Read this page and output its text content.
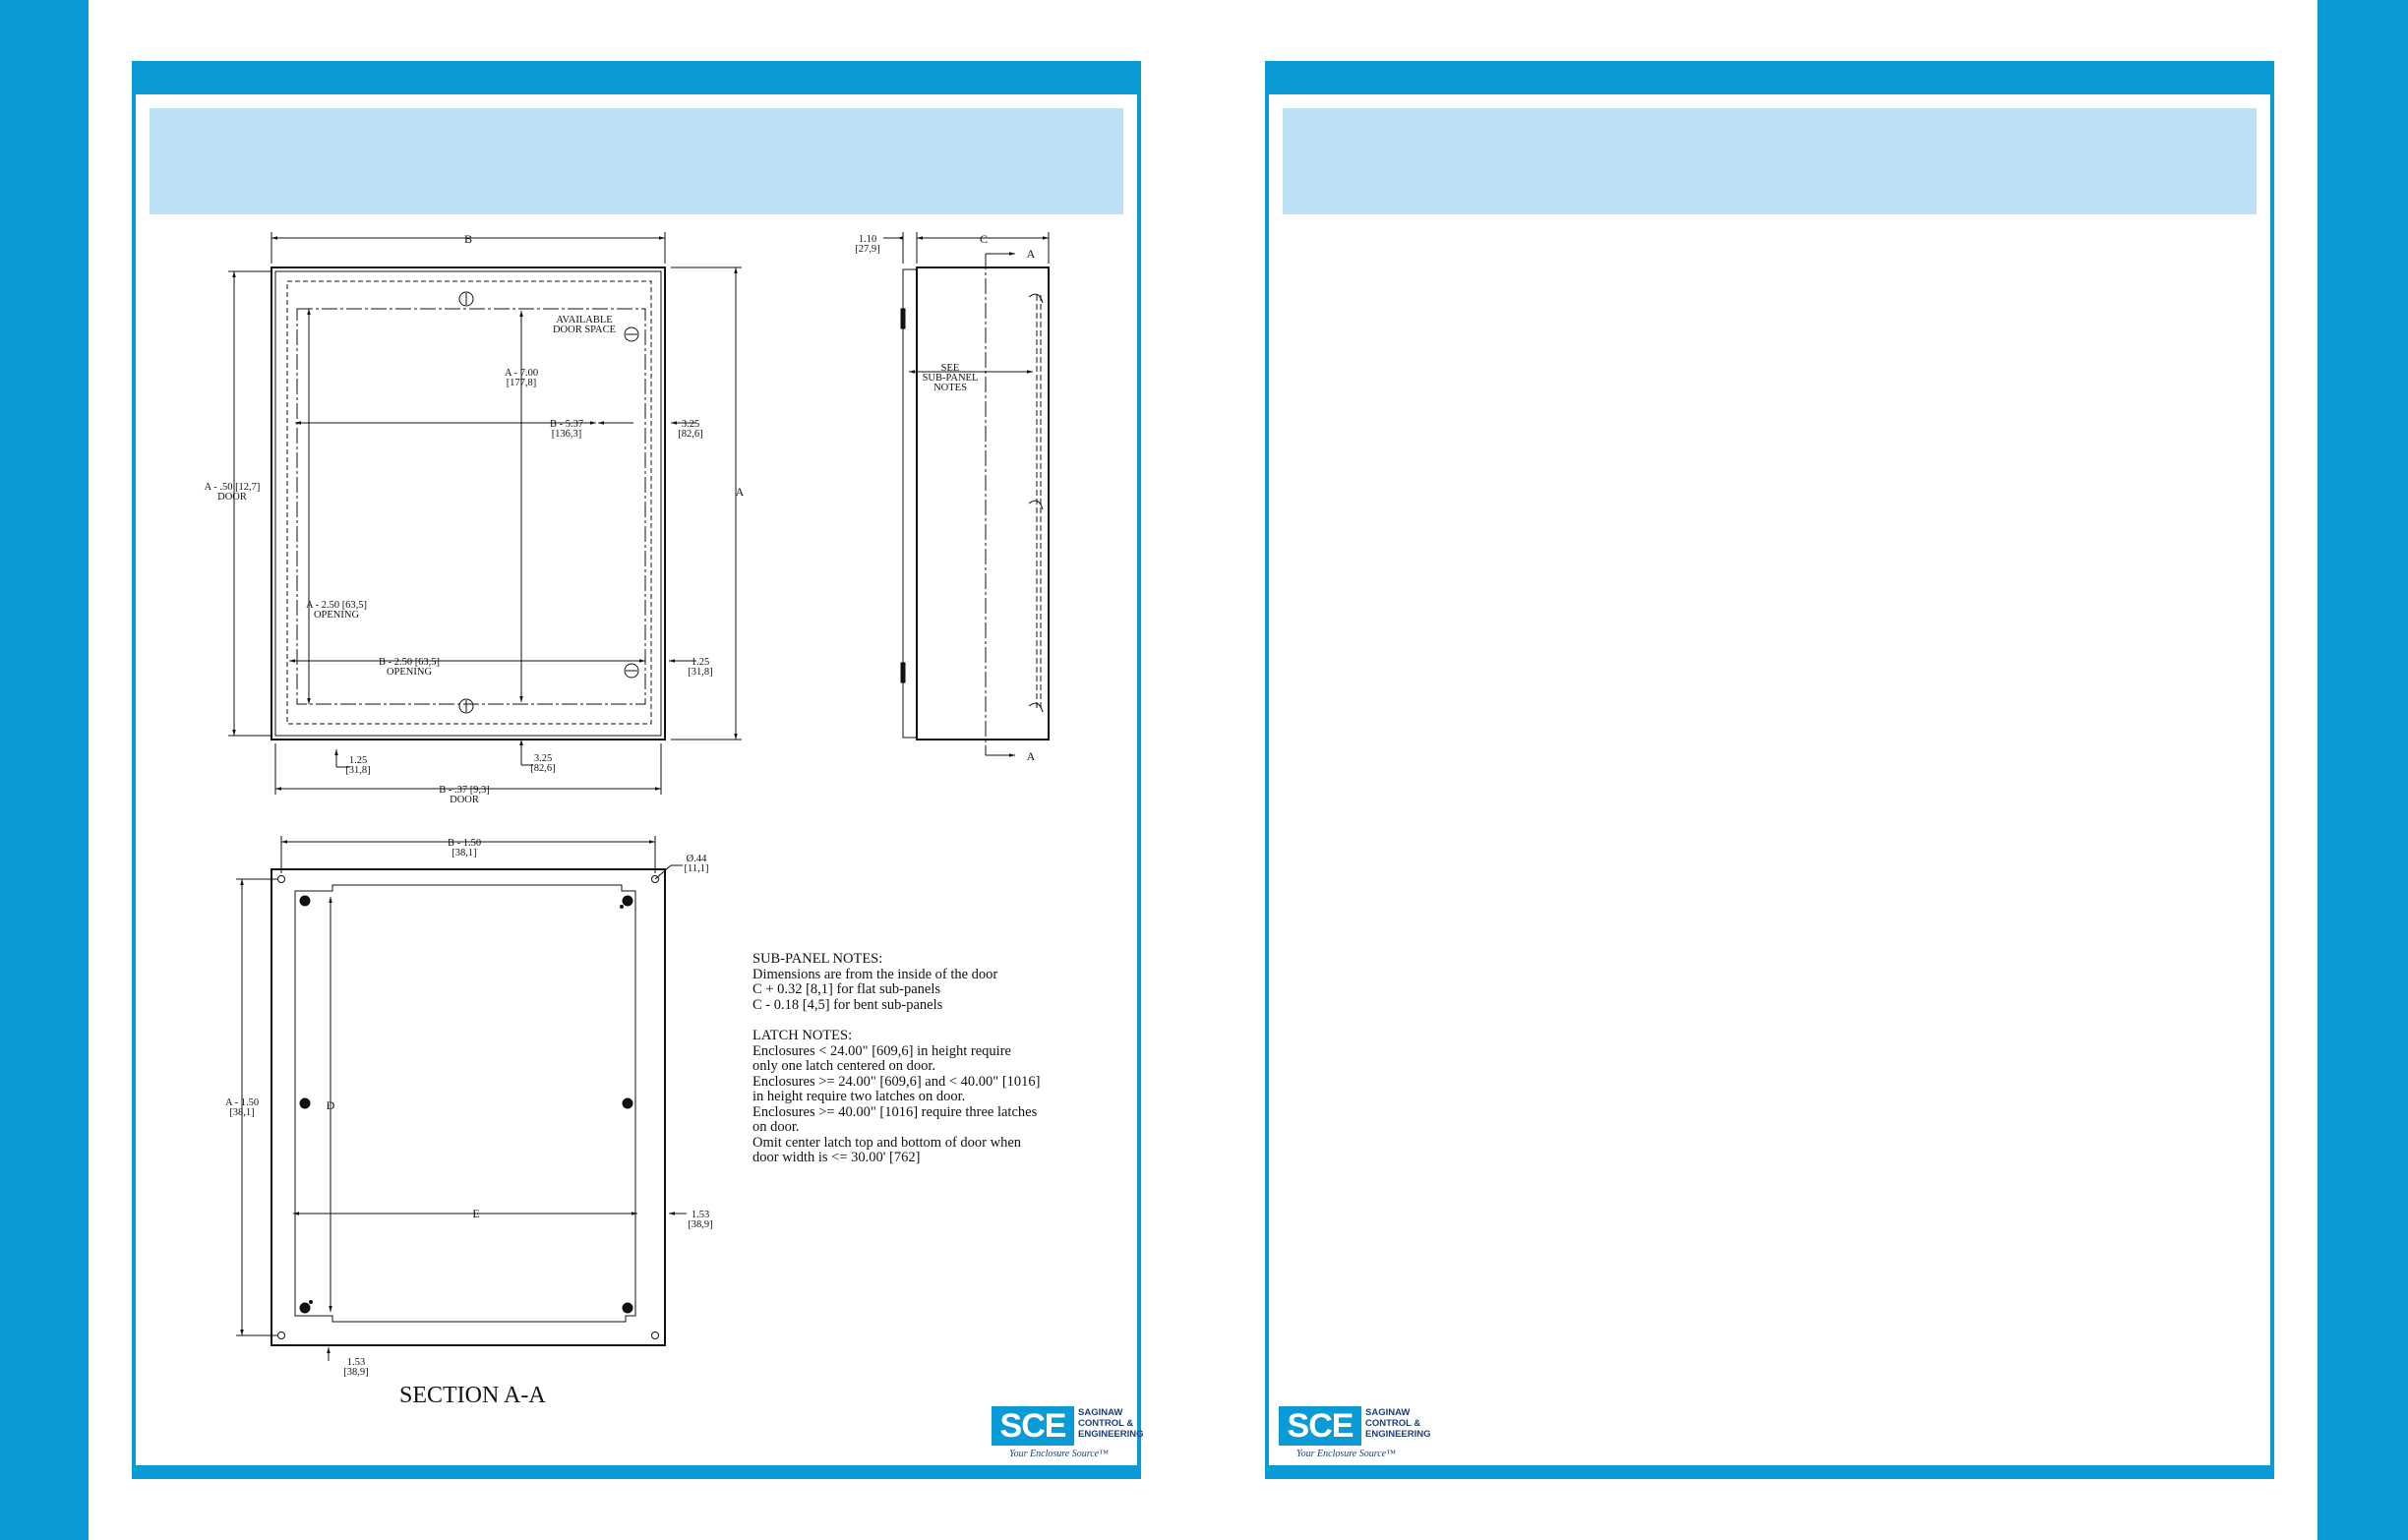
B
A
AVAILABLE
DOOR SPACE
A - 7.00
[177,8]
B - 5.37
[136,3]
3.25
[82,6]
A - .50 [12,7]
DOOR
A - 2.50 [63,5]
OPENING
B - 2.50 [63,5]
OPENING
1.25
[31,8]
1.25
[31,8]
3.25
[82,6]
B - .37 [9,3]
DOOR
1.10
[27,9]
C
A
A
SEE
SUB-PANEL
NOTES
B - 1.50
[38,1]
Ø.44
[11,1]
A - 1.50
[38,1]
D
E	1.53
[38,9]
1.53
[38,9]
SUB-PANEL NOTES:
Dimensions are from the inside of the door
C + 0.32 [8,1] for flat sub-panels
C - 0.18 [4,5] for bent sub-panels
LATCH NOTES:
Enclosures < 24.00" [609,6] in height require
only one latch centered on door.
Enclosures >= 24.00" [609,6] and < 40.00" [1016]
in height require two latches on door.
Enclosures >= 40.00" [1016] require three latches
on door.
Omit center latch top and bottom of door when
door width is <= 30.00' [762]
SECTION A-A
SCE	SAGINAW
CONTROL &
ENGINEERING
Your Enclosure Source™
SCE	SAGINAW
CONTROL &
ENGINEERING
Your Enclosure Source™
